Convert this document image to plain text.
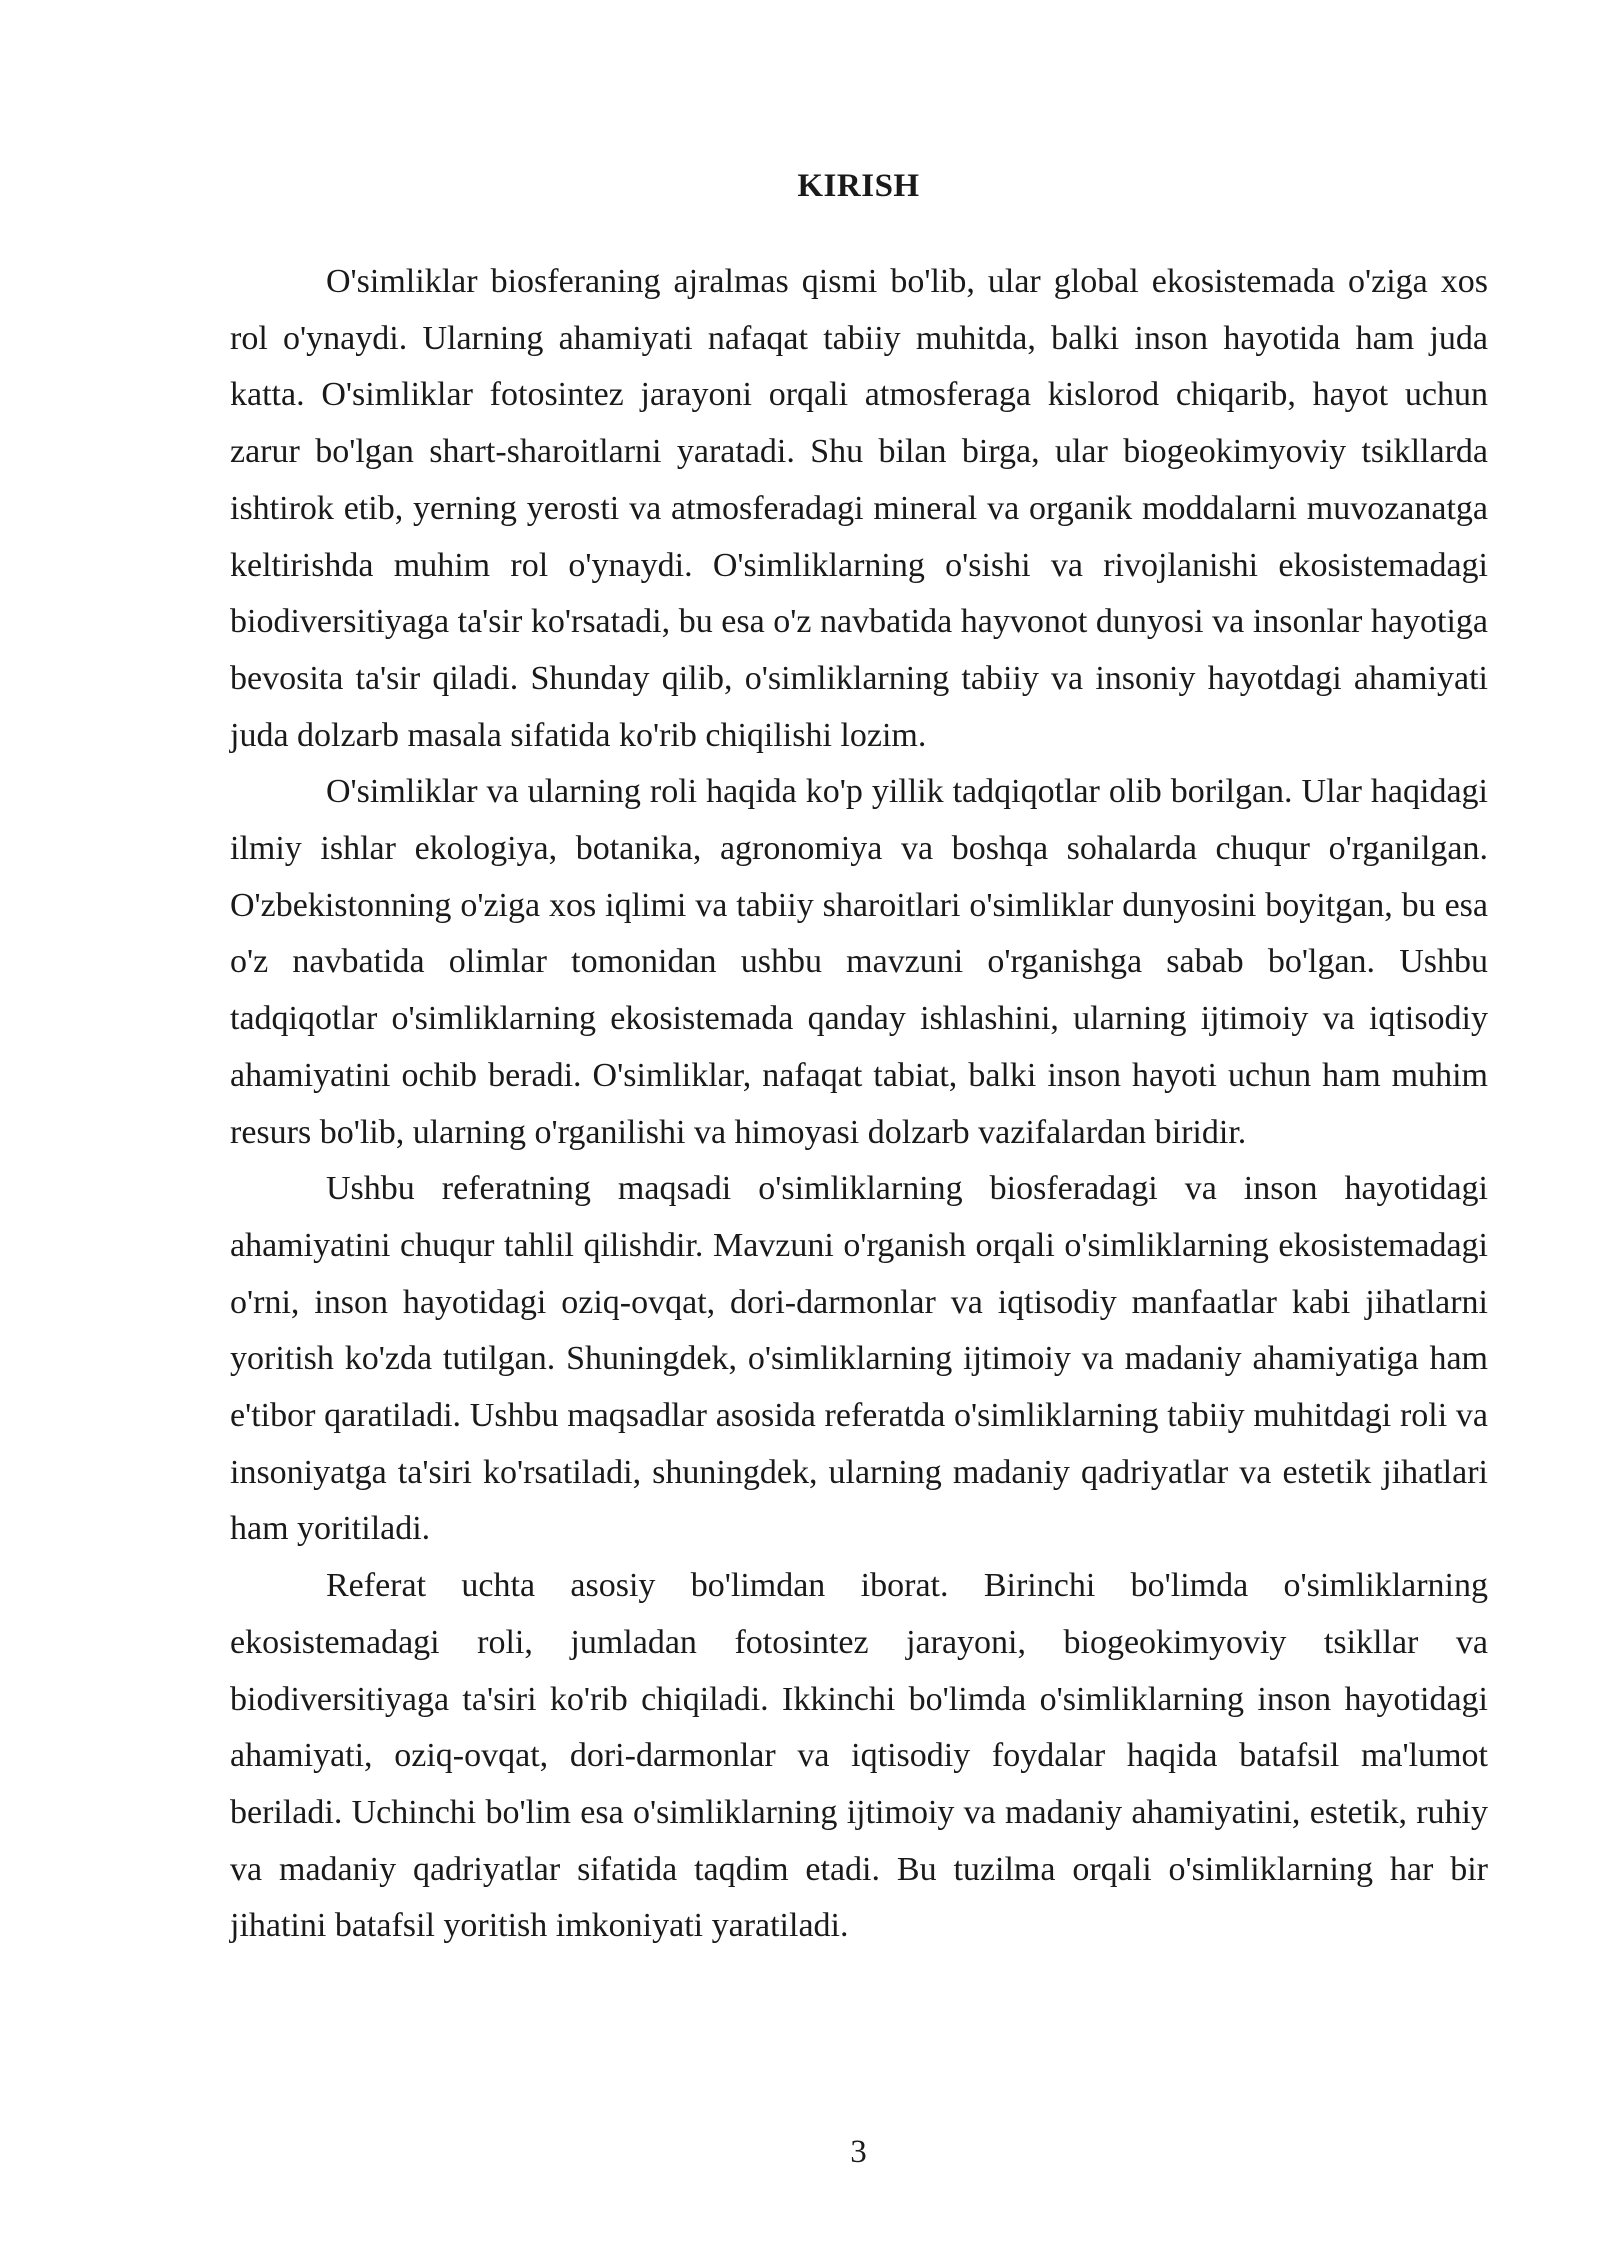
KIRISH

O'simliklar biosferaning ajralmas qismi bo'lib, ular global ekosistemada o'ziga xos rol o'ynaydi. Ularning ahamiyati nafaqat tabiiy muhitda, balki inson hayotida ham juda katta. O'simliklar fotosintez jarayoni orqali atmosferaga kislorod chiqarib, hayot uchun zarur bo'lgan shart-sharoitlarni yaratadi. Shu bilan birga, ular biogeokimyoviy tsikllarda ishtirok etib, yerning yerosti va atmosferadagi mineral va organik moddalarni muvozanatga keltirishda muhim rol o'ynaydi. O'simliklarning o'sishi va rivojlanishi ekosistemadagi biodiversitiyaga ta'sir ko'rsatadi, bu esa o'z navbatida hayvonot dunyosi va insonlar hayotiga bevosita ta'sir qiladi. Shunday qilib, o'simliklarning tabiiy va insoniy hayotdagi ahamiyati juda dolzarb masala sifatida ko'rib chiqilishi lozim.

O'simliklar va ularning roli haqida ko'p yillik tadqiqotlar olib borilgan. Ular haqidagi ilmiy ishlar ekologiya, botanika, agronomiya va boshqa sohalarda chuqur o'rganilgan. O'zbekistonning o'ziga xos iqlimi va tabiiy sharoitlari o'simliklar dunyosini boyitgan, bu esa o'z navbatida olimlar tomonidan ushbu mavzuni o'rganishga sabab bo'lgan. Ushbu tadqiqotlar o'simliklarning ekosistemada qanday ishlashini, ularning ijtimoiy va iqtisodiy ahamiyatini ochib beradi. O'simliklar, nafaqat tabiat, balki inson hayoti uchun ham muhim resurs bo'lib, ularning o'rganilishi va himoyasi dolzarb vazifalardan biridir.

Ushbu referatning maqsadi o'simliklarning biosferadagi va inson hayotidagi ahamiyatini chuqur tahlil qilishdir. Mavzuni o'rganish orqali o'simliklarning ekosistemadagi o'rni, inson hayotidagi oziq-ovqat, dori-darmonlar va iqtisodiy manfaatlar kabi jihatlarni yoritish ko'zda tutilgan. Shuningdek, o'simliklarning ijtimoiy va madaniy ahamiyatiga ham e'tibor qaratiladi. Ushbu maqsadlar asosida referatda o'simliklarning tabiiy muhitdagi roli va insoniyatga ta'siri ko'rsatiladi, shuningdek, ularning madaniy qadriyatlar va estetik jihatlari ham yoritiladi.

Referat uchta asosiy bo'limdan iborat. Birinchi bo'limda o'simliklarning ekosistemadagi roli, jumladan fotosintez jarayoni, biogeokimyoviy tsikllar va biodiversitiyaga ta'siri ko'rib chiqiladi. Ikkinchi bo'limda o'simliklarning inson hayotidagi ahamiyati, oziq-ovqat, dori-darmonlar va iqtisodiy foydalar haqida batafsil ma'lumot beriladi. Uchinchi bo'lim esa o'simliklarning ijtimoiy va madaniy ahamiyatini, estetik, ruhiy va madaniy qadriyatlar sifatida taqdim etadi. Bu tuzilma orqali o'simliklarning har bir jihatini batafsil yoritish imkoniyati yaratiladi.

3
